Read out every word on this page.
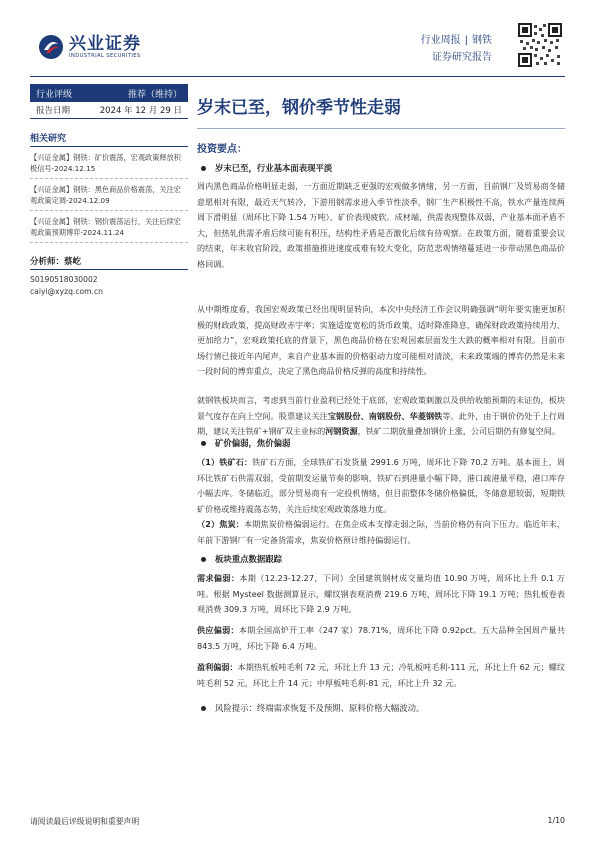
兴业证券
INDUSTRIAL SECURITIES
行业周报 | 钢铁
证券研究报告
行业评级	推荐（维持）
报告日期	2024 年 12 月 29 日
相关研究
【兴证金属】钢铁：矿价震荡，宏观政策释放积极信号-2024.12.15
【兴证金属】钢铁：黑色商品价格震荡，关注宏观政策定调-2024.12.09
【兴证金属】钢铁：钢价震荡运行，关注后续宏观政策预期博弈-2024.11.24
分析师：蔡屹
S0190518030002
caiyi@xyzq.com.cn
岁末已至，钢价季节性走弱
投资要点：
岁末已至，行业基本面表现平淡
周内黑色商品价格明显走弱，一方面近期缺乏更强的宏观做多情绪，另一方面，目前钢厂及贸易商冬储意愿相对有限，最近天气转冷，下游用钢需求进入季节性淡季，钢厂生产积极性不高，铁水产量连续两周下滑明显（周环比下降 1.54 万吨），矿价表现疲软。成材端，供需表现整体双弱，产业基本面矛盾不大，但热轧供需矛盾后续可能有积压，结构性矛盾是否激化后续有待观察。在政策方面，随着重要会议的结束，年末收官阶段，政策措施推进速度或难有较大变化，防范悲观情绪蔓延进一步带动黑色商品价格回调。
从中期维度看，我国宏观政策已经出现明显转向，本次中央经济工作会议明确强调“明年要实施更加积极的财政政策，提高财政赤字率；实施适度宽松的货币政策，适时降准降息，确保财政政策持续用力、更加给力”，宏观政策托底的背景下，黑色商品价格在宏观因素层面发生大跌的概率相对有限。目前市场行情已接近年内尾声，来自产业基本面的价格驱动力度可能相对清淡，未来政策端的博弈仍然是未来一段时间的博弈重点，决定了黑色商品价格反弹的高度和持续性。
就钢铁板块而言，考虑到当前行业盈利已经处于底部，宏观政策刺激以及供给收缩预期的未证伪，板块景气度存在向上空间。股票建议关注宝钢股份、南钢股份、华菱钢铁等。此外，由于钢价仍处于上行周期，建议关注铁矿+钢矿双主业标的河钢资源，铁矿二期放量叠加钢价上涨，公司后期仍有修复空间。
矿价偏弱，焦价偏弱
（1）铁矿石：铁矿石方面，全球铁矿石发货量 2991.6 万吨，周环比下降 70.2 万吨。基本面上，周环比铁矿石供需双弱，受前期发运量节奏的影响，铁矿石到港量小幅下降，港口疏港量平稳，港口库存小幅去库。冬储临近，部分贸易商有一定投机情绪，但目前整体冬储价格偏低，冬储意愿较弱，短期铁矿价格或维持震荡态势，关注后续宏观政策落地力度。
（2）焦炭：本期焦炭价格偏弱运行。在焦企成本支撑走弱之际，当前价格仍有向下压力。临近年末，年前下游钢厂有一定备货需求，焦炭价格预计维持偏弱运行。
板块重点数据跟踪
需求偏弱：本期（12.23-12.27，下同）全国建筑钢材成交量均值 10.90 万吨，周环比上升 0.1 万吨。根据 Mysteel 数据测算显示，螺纹钢表观消费 219.6 万吨、周环比下降 19.1 万吨；热轧板卷表观消费 309.3 万吨，周环比下降 2.9 万吨。
供应偏弱：本期全国高炉开工率（247 家）78.71%，周环比下降 0.92pct。五大品种全国周产量共 843.5 万吨，环比下降 6.4 万吨。
盈利偏弱：本期热轧板吨毛利 72 元，环比上升 13 元；冷轧板吨毛利-111 元，环比上升 62 元；螺纹吨毛利 52 元，环比上升 14 元；中厚板吨毛利-81 元，环比上升 32 元。
风险提示：终端需求恢复不及预期、原料价格大幅波动。
请阅读最后评级说明和重要声明	1/10
